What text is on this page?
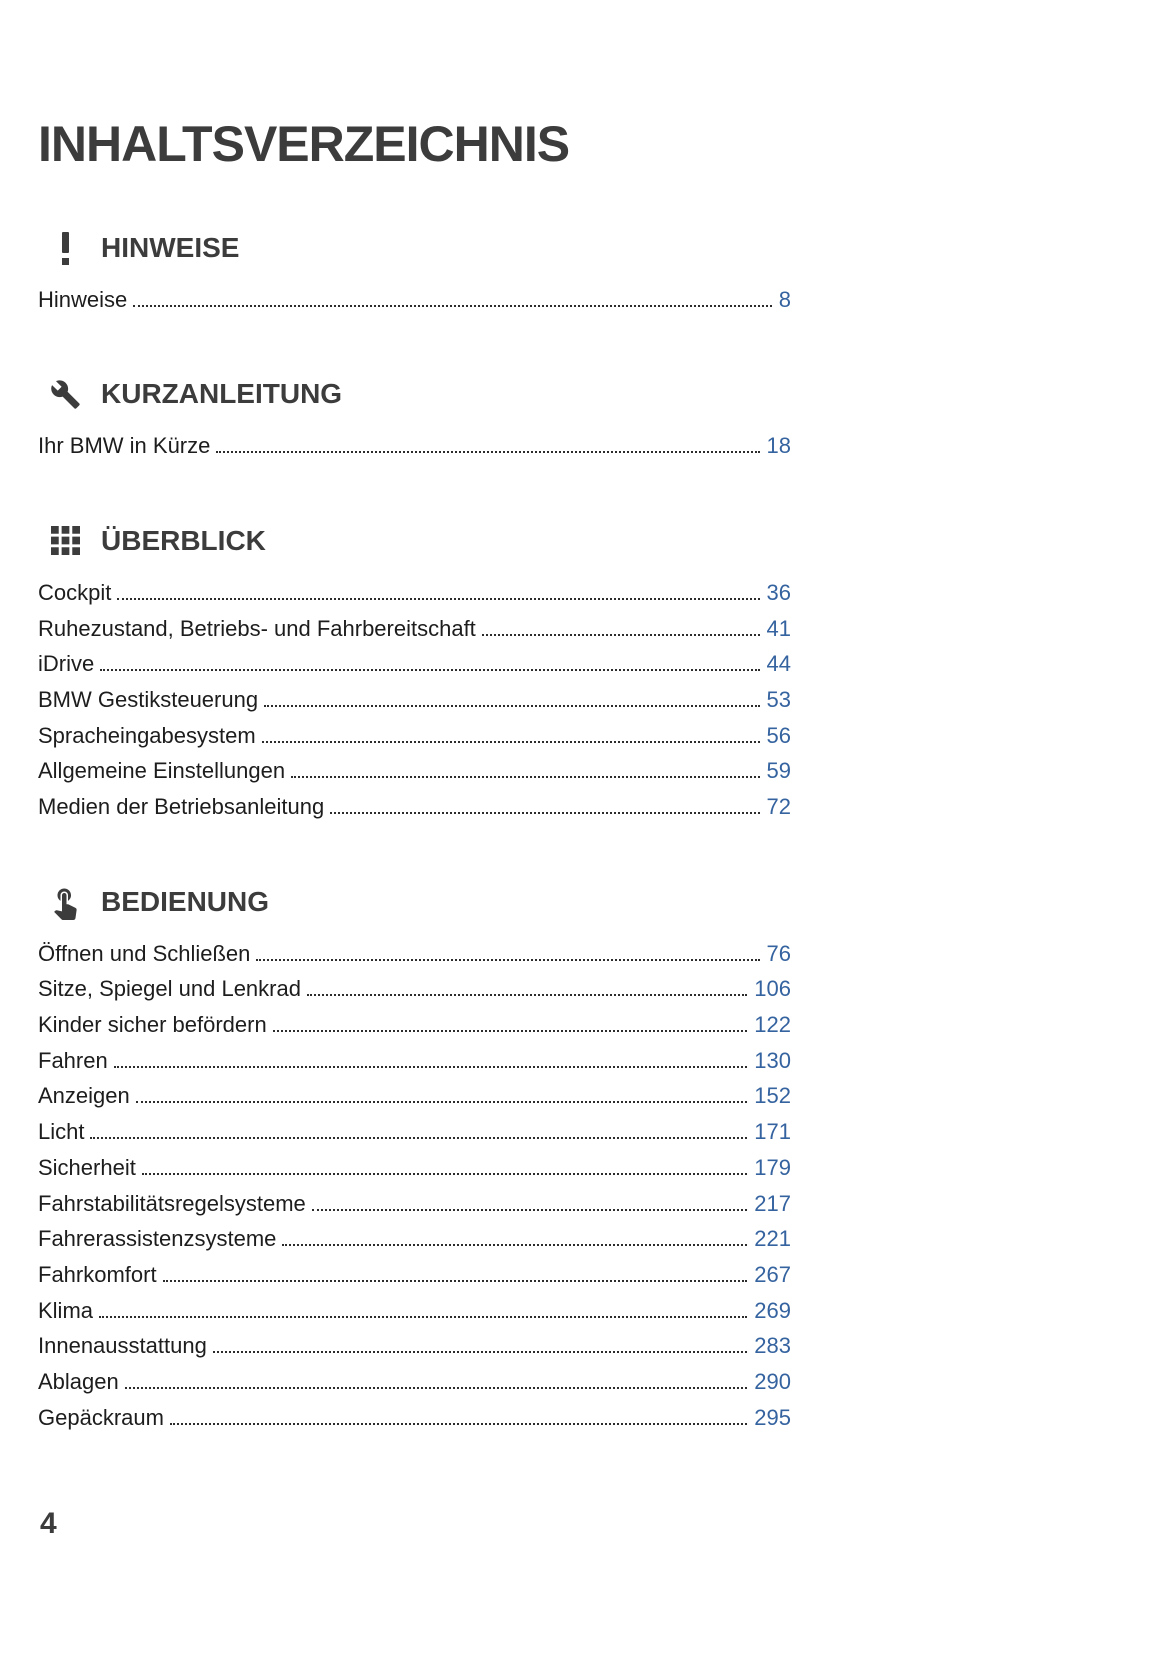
INHALTSVERZEICHNIS
HINWEISE
Hinweise	8
KURZANLEITUNG
Ihr BMW in Kürze	18
ÜBERBLICK
Cockpit	36
Ruhezustand, Betriebs- und Fahrbereitschaft	41
iDrive	44
BMW Gestiksteuerung	53
Spracheingabesystem	56
Allgemeine Einstellungen	59
Medien der Betriebsanleitung	72
BEDIENUNG
Öffnen und Schließen	76
Sitze, Spiegel und Lenkrad	106
Kinder sicher befördern	122
Fahren	130
Anzeigen	152
Licht	171
Sicherheit	179
Fahrstabilitätsregelsysteme	217
Fahrerassistenzsysteme	221
Fahrkomfort	267
Klima	269
Innenausstattung	283
Ablagen	290
Gepäckraum	295
4
